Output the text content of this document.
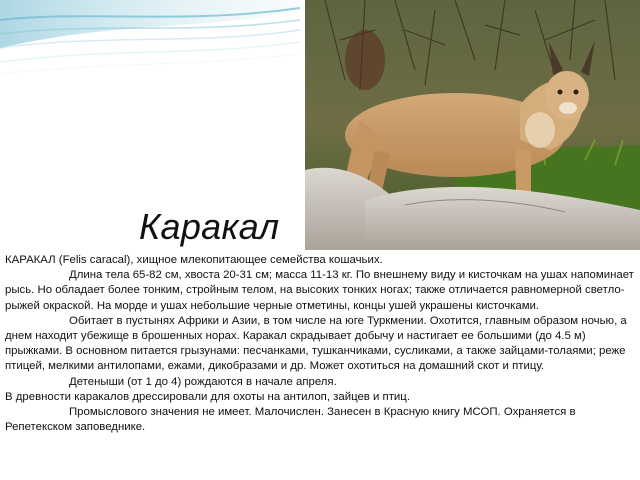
Каракал

КАРАКАЛ (Felis caracal), хищное млекопитающее семейства кошачьих.

Длина тела 65-82 см, хвоста 20-31 см; масса 11-13 кг. По внешнему виду и кисточкам на ушах напоминает рысь. Но обладает более тонким, стройным телом, на высоких тонких ногах; также отличается равномерной светло-рыжей окраской. На морде и ушах небольшие черные отметины, концы ушей украшены кисточками.

Обитает в пустынях Африки и Азии, в том числе на юге Туркмении. Охотится, главным образом ночью, а днем находит убежище в брошенных норах. Каракал скрадывает добычу и настигает ее большими (до 4.5 м) прыжками. В основном питается грызунами: песчанками, тушканчиками, сусликами, а также зайцами-толаями; реже птицей, мелкими антилопами, ежами, дикобразами и др. Может охотиться на домашний скот и птицу.

Детеныши (от 1 до 4) рождаются в начале апреля.

В древности каракалов дрессировали для охоты на антилоп, зайцев и птиц.

Промыслового значения не имеет. Малочислен. Занесен в Красную книгу МСОП. Охраняется в Репетекском заповеднике.
